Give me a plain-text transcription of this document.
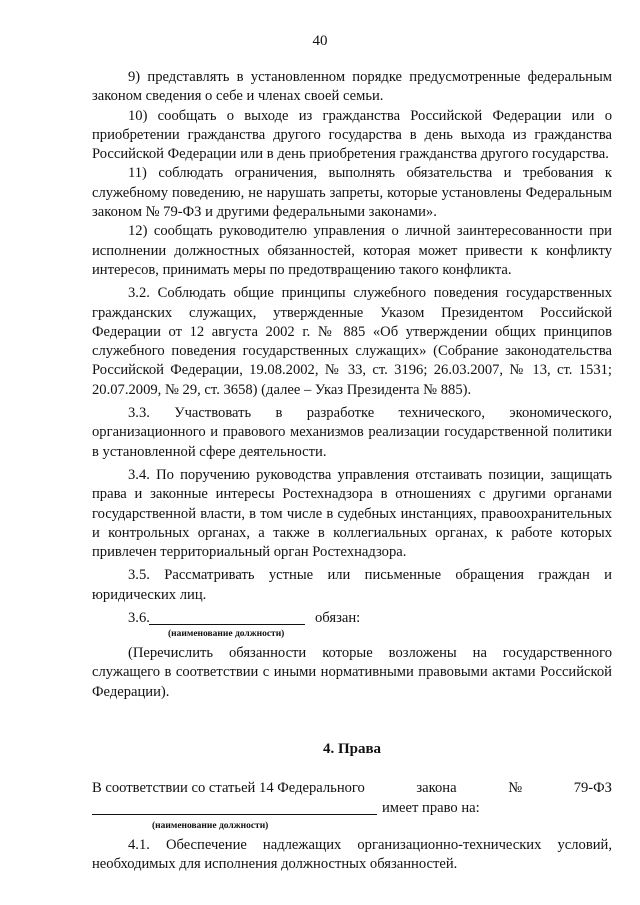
40

9) представлять в установленном порядке предусмотренные федеральным законом сведения о себе и членах своей семьи.

10) сообщать о выходе из гражданства Российской Федерации или о приобретении гражданства другого государства в день выхода из гражданства Российской Федерации или в день приобретения гражданства другого государства.

11) соблюдать ограничения, выполнять обязательства и требования к служебному поведению, не нарушать запреты, которые установлены Федеральным законом № 79-ФЗ и другими федеральными законами».

12) сообщать руководителю управления о личной заинтересованности при исполнении должностных обязанностей, которая может привести к конфликту интересов, принимать меры по предотвращению такого конфликта.

3.2. Соблюдать общие принципы служебного поведения государственных гражданских служащих, утвержденные Указом Президентом Российской Федерации от 12 августа 2002 г. № 885 «Об утверждении общих принципов служебного поведения государственных служащих» (Собрание законодательства Российской Федерации, 19.08.2002, № 33, ст. 3196; 26.03.2007, № 13, ст. 1531; 20.07.2009, № 29, ст. 3658) (далее – Указ Президента № 885).

3.3. Участвовать в разработке технического, экономического, организационного и правового механизмов реализации государственной политики в установленной сфере деятельности.

3.4. По поручению руководства управления отстаивать позиции, защищать права и законные интересы Ростехнадзора в отношениях с другими органами государственной власти, в том числе в судебных инстанциях, правоохранительных и контрольных органах, а также в коллегиальных органах, к работе которых привлечен территориальный орган Ростехнадзора.

3.5. Рассматривать устные или письменные обращения граждан и юридических лиц.

3.6.	обязан:

(наименование должности)

(Перечислить обязанности которые возложены на государственного служащего в соответствии с иными нормативными правовыми актами Российской Федерации).

4. Права
В соответствии со статьей 14 Федерального	закона	№	79-ФЗ
имеет право на:

(наименование должности)

4.1. Обеспечение надлежащих организационно-технических условий, необходимых для исполнения должностных обязанностей.
